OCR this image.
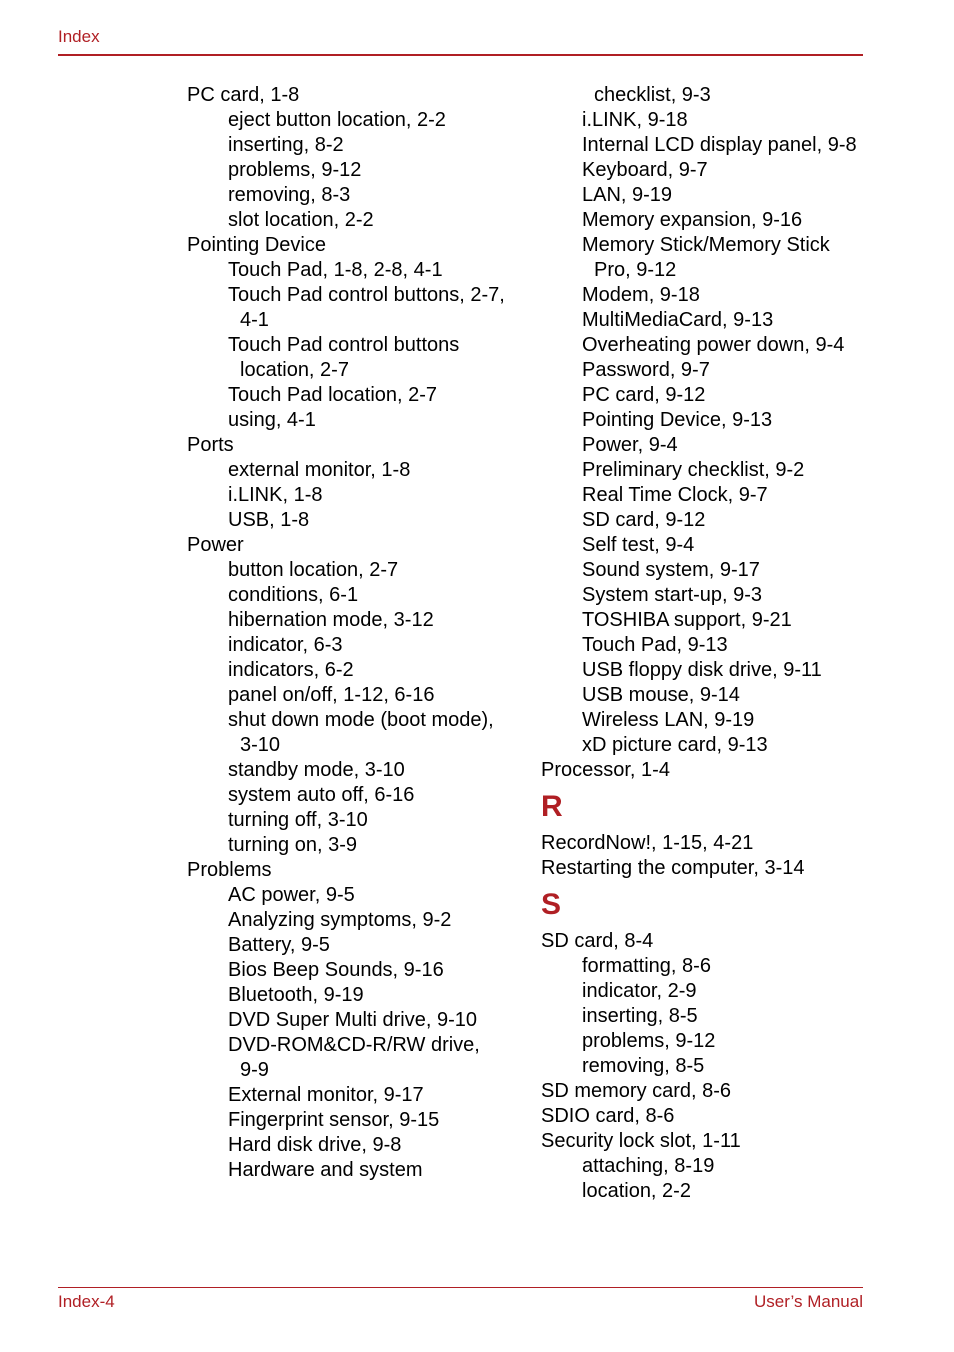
Index
PC card, 1-8
eject button location, 2-2
inserting, 8-2
problems, 9-12
removing, 8-3
slot location, 2-2
Pointing Device
Touch Pad, 1-8, 2-8, 4-1
Touch Pad control buttons, 2-7,
4-1
Touch Pad control buttons
location, 2-7
Touch Pad location, 2-7
using, 4-1
Ports
external monitor, 1-8
i.LINK, 1-8
USB, 1-8
Power
button location, 2-7
conditions, 6-1
hibernation mode, 3-12
indicator, 6-3
indicators, 6-2
panel on/off, 1-12, 6-16
shut down mode (boot mode),
3-10
standby mode, 3-10
system auto off, 6-16
turning off, 3-10
turning on, 3-9
Problems
AC power, 9-5
Analyzing symptoms, 9-2
Battery, 9-5
Bios Beep Sounds, 9-16
Bluetooth, 9-19
DVD Super Multi drive, 9-10
DVD-ROM&CD-R/RW drive,
9-9
External monitor, 9-17
Fingerprint sensor, 9-15
Hard disk drive, 9-8
Hardware and system
checklist, 9-3
i.LINK, 9-18
Internal LCD display panel, 9-8
Keyboard, 9-7
LAN, 9-19
Memory expansion, 9-16
Memory Stick/Memory Stick
Pro, 9-12
Modem, 9-18
MultiMediaCard, 9-13
Overheating power down, 9-4
Password, 9-7
PC card, 9-12
Pointing Device, 9-13
Power, 9-4
Preliminary checklist, 9-2
Real Time Clock, 9-7
SD card, 9-12
Self test, 9-4
Sound system, 9-17
System start-up, 9-3
TOSHIBA support, 9-21
Touch Pad, 9-13
USB floppy disk drive, 9-11
USB mouse, 9-14
Wireless LAN, 9-19
xD picture card, 9-13
Processor, 1-4
R
RecordNow!, 1-15, 4-21
Restarting the computer, 3-14
S
SD card, 8-4
formatting, 8-6
indicator, 2-9
inserting, 8-5
problems, 9-12
removing, 8-5
SD memory card, 8-6
SDIO card, 8-6
Security lock slot, 1-11
attaching, 8-19
location, 2-2
Index-4	User’s Manual
